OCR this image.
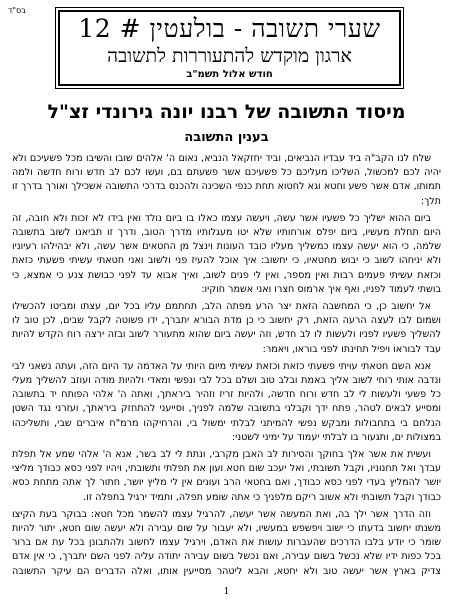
בס"ד
שערי תשובה - בולעטין # 12
ארגון מוקדש להתעוררות לתשובה
חודש אלול תשמ"ב
מיסוד התשובה של רבנו יונה גירונדי זצ"ל
בענין התשובה

שלח לנו הקב"ה ביד עבדיו הנביאים, וביד יחזקאל הנביא, נאום ה' אלהים שובו והשיבו מכל פשעיכם ולא יהיה לכם למכשול, השליכו מעליכם כל פשעיכם אשר פשעתם בם, ועשו לכם לב חדש ורוח חדשה ולמה תמותו, אדם אשר פשע וחטא וגא לחטוא תחת כנפי השכינה ולהכנס בדרכי התשובה אשכילך ואורך בדרך זו תלך:

ביום ההוא ישליך כל פשעיו אשר עשה, ויעשה עצמו כאלו בו ביום נולד ואין בידו לא זכות ולא חובה, זה היום תחלת מעשיו, ביום יפלס אורחותיו שלא יטו מעגלותיו מדרך הטוב, ודרך זו תביאנו לשוב בתשובה שלמה, כי הוא יעשה עצמו כמשליך מעליו כובד העונות וינצל מן החטאים אשר עשה, ולא יבהילהו רעיוניו ולא יניחהו לשוב כי יבוש מחטאיו, כי יחשוב: איך אוכל להעיז פני ולשוב ואני חטאתי עשיתי פשעתי כזאת וכזאת עשיתי פעמים רבות ואין מספר, ואין לי פנים לשוב, ואיך אבוא עד לפני כבושת צנע כי אמצא, כי בושתי לעמוד לפניו, ואף איך ארמוס חצרו ואני אשמר חוקיו:

אל יחשוב כן, כי המחשבה הזאת יצר הרע מפתה הלב, תחתמם עליו בכל יום, עצתו ומביטו להכשילו ושמום לבו לעצה הרעה הזאת, רק יחשוב כי כן מדת הבורא יתברך, ידו פשוטה לקבל שבים, לכן טוב לו להשליך פשעיו לפניו ולעשות לו לב חדש, וזה יעשה ביום שהוא מתעורר לשוב ובזה ירצה רוח הקדש להיות עבד לבוראו ויפיל תחינתו לפני בוראו, ויאמר:

אנא השם חטאתי עויתי פשעתי כזאת וכזאת עשיתי מיום היותי על האדמה עד היום הזה, ועתה נשאני לבי ונדבה אותי רוחי לשוב אליך באמת ובלב טוב ושלם בכל לבי ונפשי ומאדי ולהיות מודה ועוזב להשליך מעלי כל פשעי ולעשות לי לב חדש ורוח חדשה, ולהיות זריז וזהיר ביראתך, ואתה ה' אלהי הפותח יד בתשובה ומסייע לבאים לטהר, פתח ידך וקבלני בתשובה שלמה לפניך, וסייעני להתחזק ביראתך, ועזרני נגד השטן הנלחם בי בתחבולות ומבקש נפשי להמיתני לבלתי ימשול בי, והרחיקהו מרמ"ח איברים שבי, ותשליכהו במצולות ים, ותגעור בו לבלתי יעמוד על ימיני לשטני:

ועשית את אשר אלך בחוקך והסירות לב האבן מקרבי, ונתת לי לב בשר, אנא ה' אלהי שמע אל תפלת עבדך ואל תחנוניו, וקבל תשובתי, ואל יעכב שום חטא ועון את תפלתי ותשובתי, ויהיו לפני כסא כבודך מליצי יושר להמליץ בעדי לפני כסא כבודך, ואם בחטאי הרב ועונים אין לי מליץ יושר, חתור לך אתה מתחת כסא כבודך וקבל תשובתי ולא אשוב ריקם מלפניך כי אתה שומע תפלה, ותמיד ירגיל בתפלה זו.

וזה הדרך אשר ילך בה, ואת המעשה אשר יעשה, להרגיל עצמו להשמר מכל חטא: בבוקר בעת הקיצו משנתו יחשוב בדעתו כי ישוב ויפשפש במעשיו, ולא יעבור על שום עבירה ולא יעשה שום חטא, יתור להיות שומר כי יודע בלבו הדרכים שהעברות עושות את האדם, וירגיל עצמו לחשוב ולהתבונן בכל עת אם ברור בכל כפות ידיו שלא נכשל בשום עבירה, ואם נכשל בשום עבירה יתודה עליה לפני השם יתברך, כי אין אדם צדיק בארץ אשר יעשה טוב ולא יחטא, והבא ליטהר מסייעין אותו, ואלה הדברים הם עיקר התשובה

1
